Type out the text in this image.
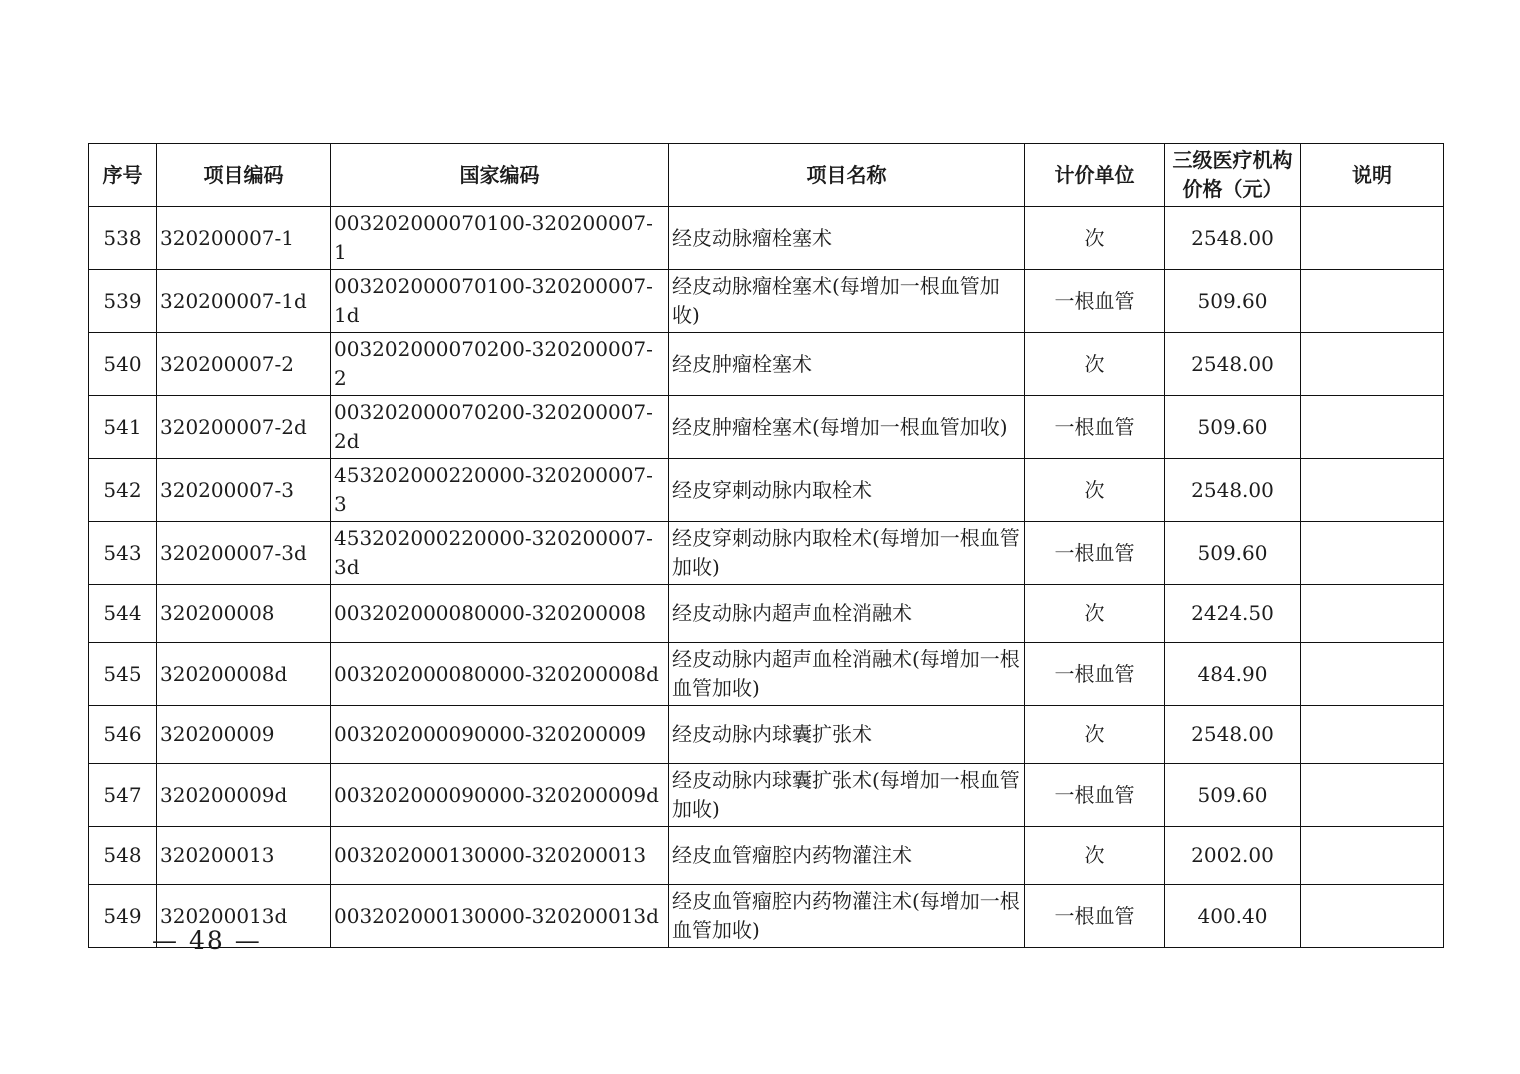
序号	项目编码	国家编码	项目名称	计价单位	三级医疗机构价格（元）	说明
538	320200007-1	003202000070100-320200007-1	经皮动脉瘤栓塞术	次	2548.00	
539	320200007-1d	003202000070100-320200007-1d	经皮动脉瘤栓塞术(每增加一根血管加收)	一根血管	509.60	
540	320200007-2	003202000070200-320200007-2	经皮肿瘤栓塞术	次	2548.00	
541	320200007-2d	003202000070200-320200007-2d	经皮肿瘤栓塞术(每增加一根血管加收)	一根血管	509.60	
542	320200007-3	453202000220000-320200007-3	经皮穿刺动脉内取栓术	次	2548.00	
543	320200007-3d	453202000220000-320200007-3d	经皮穿刺动脉内取栓术(每增加一根血管加收)	一根血管	509.60	
544	320200008	003202000080000-320200008	经皮动脉内超声血栓消融术	次	2424.50	
545	320200008d	003202000080000-320200008d	经皮动脉内超声血栓消融术(每增加一根血管加收)	一根血管	484.90	
546	320200009	003202000090000-320200009	经皮动脉内球囊扩张术	次	2548.00	
547	320200009d	003202000090000-320200009d	经皮动脉内球囊扩张术(每增加一根血管加收)	一根血管	509.60	
548	320200013	003202000130000-320200013	经皮血管瘤腔内药物灌注术	次	2002.00	
549	320200013d	003202000130000-320200013d	经皮血管瘤腔内药物灌注术(每增加一根血管加收)	一根血管	400.40	
— 48 —
